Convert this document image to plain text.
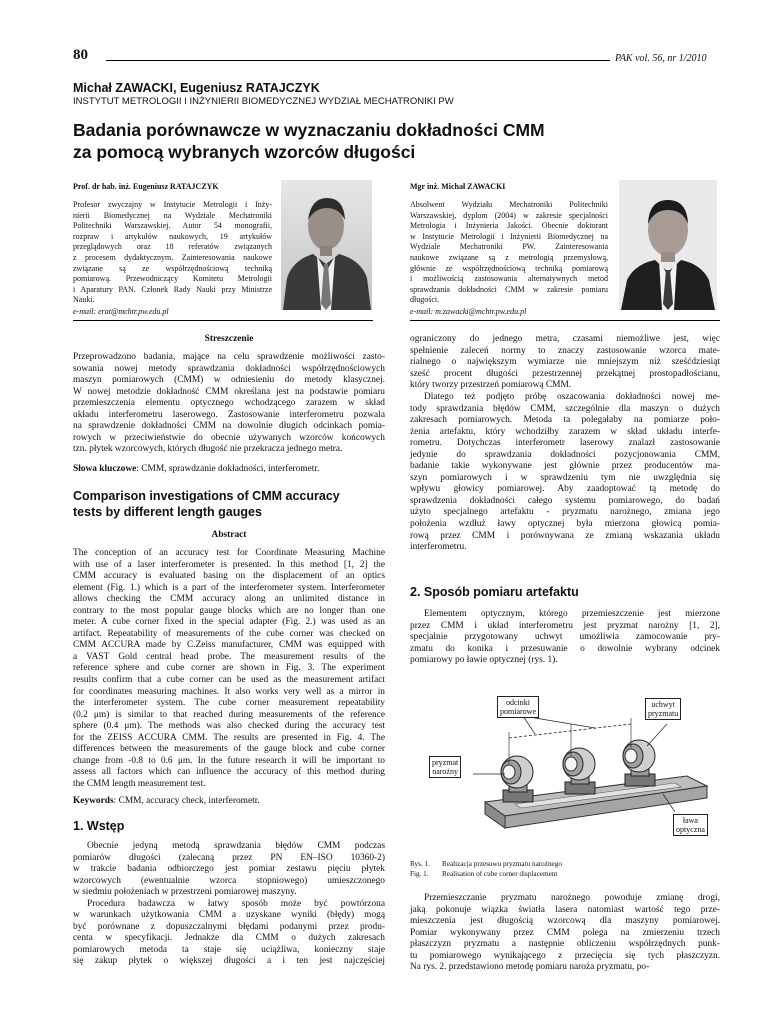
80	PAK vol. 56, nr 1/2010
Michał ZAWACKI, Eugeniusz RATAJCZYK
INSTYTUT METROLOGII I INŻYNIERII BIOMEDYCZNEJ WYDZIAŁ MECHATRONIKI PW
Badania porównawcze w wyznaczaniu dokładności CMM
za pomocą wybranych wzorców długości
Prof. dr hab. inż. Eugeniusz RATAJCZYK
Profesor zwyczajny w Instytucie Metrologii i Inży-
nierii Biomedycznej na Wydziale Mechatroniki
Politechniki Warszawskiej. Autor 54 monografii,
rozpraw i artykułów naukowych, 19 artykułów
przeglądowych oraz 18 referatów związanych
z procesem dydaktycznym. Zainteresowania naukowe
związane są ze współrzędnościową techniką
pomiarową. Przewodniczący Komitetu Metrologii
i Aparatury PAN. Członek Rady Nauki przy Ministrze
Nauki.
e-mail: erat@mchtr.pw.edu.pl
Mgr inż. Michał ZAWACKI
Absolwent Wydziału Mechatroniki Politechniki
Warszawskiej, dyplom (2004) w zakresie specjalności
Metrologia i Inżynieria Jakości. Obecnie doktorant
w Instytucie Metrologii i Inżynierii Biomedycznej na
Wydziale Mechatroniki PW. Zainteresowania
naukowe związane są z metrologią przemysłową,
głównie ze współrzędnościową techniką pomiarową
i możliwością zastosowania alternatywnych metod
sprawdzania dokładności CMM w zakresie pomiaru
długości.
e-mail: m.zawacki@mchtr.pw.edu.pl
Streszczenie
Przeprowadzono badania, mające na celu sprawdzenie możliwości zasto-
sowania nowej metody sprawdzania dokładności współrzędnościowych
maszyn pomiarowych (CMM) w odniesieniu do metody klasycznej.
W nowej metodzie dokładność CMM określana jest na podstawie pomiaru
przemieszczenia elementu optycznego wchodzącego zarazem w skład
układu interferometru laserowego. Zastosowanie interferometru pozwala
na sprawdzenie dokładności CMM na dowolnie długich odcinkach pomia-
rowych w przeciwieństwie do obecnie używanych wzorców końcowych
tzn. płytek wzorcowych, których długość nie przekracza jednego metra.
Słowa kluczowe: CMM, sprawdzanie dokładności, interferometr.
Comparison investigations of CMM accuracy
tests by different length gauges
Abstract
The conception of an accuracy test for Coordinate Measuring Machine
with use of a laser interferometer is presented. In this method [1, 2] the
CMM accuracy is evaluated basing on the displacement of an optics
element (Fig. 1.) which is a part of the interferometer system. Interferometer
allows checking the CMM accuracy along an unlimited distance in
contrary to the most popular gauge blocks which are no longer than one
meter. A cube corner fixed in the special adapter (Fig. 2.) was used as an
artifact. Repeatability of measurements of the cube corner was checked on
CMM ACCURA made by C.Zeiss manufacturer, CMM was equipped with
a VAST Gold central head probe. The measurement results of the
reference sphere and cube corner are shown in Fig. 3. The experiment
results confirm that a cube corner can be used as the measurement artifact
for coordinates measuring machines. It also works very well as a mirror in
the interferometer system. The cube corner measurement repeatability
(0.2 μm) is similar to that reached during measurements of the reference
sphere (0.4 μm). The methods was also checked during the accuracy test
for the ZEISS ACCURA CMM. The results are presented in Fig. 4. The
differences between the measurements of the gauge block and cube corner
change from -0.8 to 0.6 μm. In the future research it will be important to
assess all factors which can influence the accuracy of this method during
the CMM length measurement test.
Keywords: CMM, accuracy check, interferometr.
1. Wstęp
Obecnie jedyną metodą sprawdzania błędów CMM podczas
pomiarów długości (zalecaną przez PN EN–ISO 10360-2)
w trakcie badania odbiorczego jest pomiar zestawu pięciu płytek
wzorcowych (ewentualnie wzorca stopniowego) umieszczonego
w siedmiu położeniach w przestrzeni pomiarowej maszyny.
Procedura badawcza w łatwy sposób może być powtórzona
w warunkach użytkowania CMM a uzyskane wyniki (błędy) mogą
być porównane z dopuszczalnymi błędami podanymi przez produ-
centa w specyfikacji. Jednakże dla CMM o dużych zakresach
pomiarowych metoda ta staje się uciążliwa, konieczny staje
się zakup płytek o większej długości a i ten jest najczęściej
ograniczony do jednego metra, czasami niemożliwe jest, więc
spełnienie zaleceń normy to znaczy zastosowanie wzorca mate-
rialnego o największym wymiarze nie mniejszym niż sześćdziesiąt
sześć procent długości przestrzennej przekątnej prostopadłościanu,
który tworzy przestrzeń pomiarową CMM.
Dlatego też podjęto próbę oszacowania dokładności nowej me-
tody sprawdzania błędów CMM, szczególnie dla maszyn o dużych
zakresach pomiarowych. Metoda ta polegałaby na pomiarze poło-
żenia artefaktu, który wchodziłby zarazem w skład układu interfe-
rometru. Dotychczas interferometr laserowy znalazł zastosowanie
jedynie do sprawdzania dokładności pozycjonowania CMM,
badanie takie wykonywane jest głównie przez producentów ma-
szyn pomiarowych i w sprawdzeniu tym nie uwzględnia się
wpływu głowicy pomiarowej. Aby zaadoptować tą metodę do
sprawdzenia dokładności całego systemu pomiarowego, do badań
użyto specjalnego artefaktu - pryzmatu narożnego, zmiana jego
położenia wzdłuż ławy optycznej była mierzona głowicą pomia-
rową przez CMM i porównywana ze zmianą wskazania układu
interferometru.
2. Sposób pomiaru artefaktu
Elementem optycznym, którego przemieszczenie jest mierzone
przez CMM i układ interferometru jest pryzmat narożny [1, 2],
specjalnie przygotowany uchwyt umożliwia zamocowanie pry-
zmatu do konika i przesuwanie o dowolnie wybrany odcinek
pomiarowy po ławie optycznej (rys. 1).
odcinki
pomiarowe
uchwyt
pryzmatu
pryzmat
narożny
ława
optyczna
Rys. 1. Realizacja przesuwu pryzmatu narożnego
Fig. 1. Realisation of cube corner displacement
Przemieszczanie pryzmatu narożnego powoduje zmianę drogi,
jaką pokonuje wiązka światła lasera natomiast wartość tego prze-
mieszczenia jest długością wzorcową dla maszyny pomiarowej.
Pomiar wykonywany przez CMM polega na zmierzeniu trzech
płaszczyzn pryzmatu a następnie obliczeniu współrzędnych punk-
tu pomiarowego wynikającego z przecięcia się tych płaszczyzn.
Na rys. 2. przedstawiono metodę pomiaru naroża pryzmatu, po-
